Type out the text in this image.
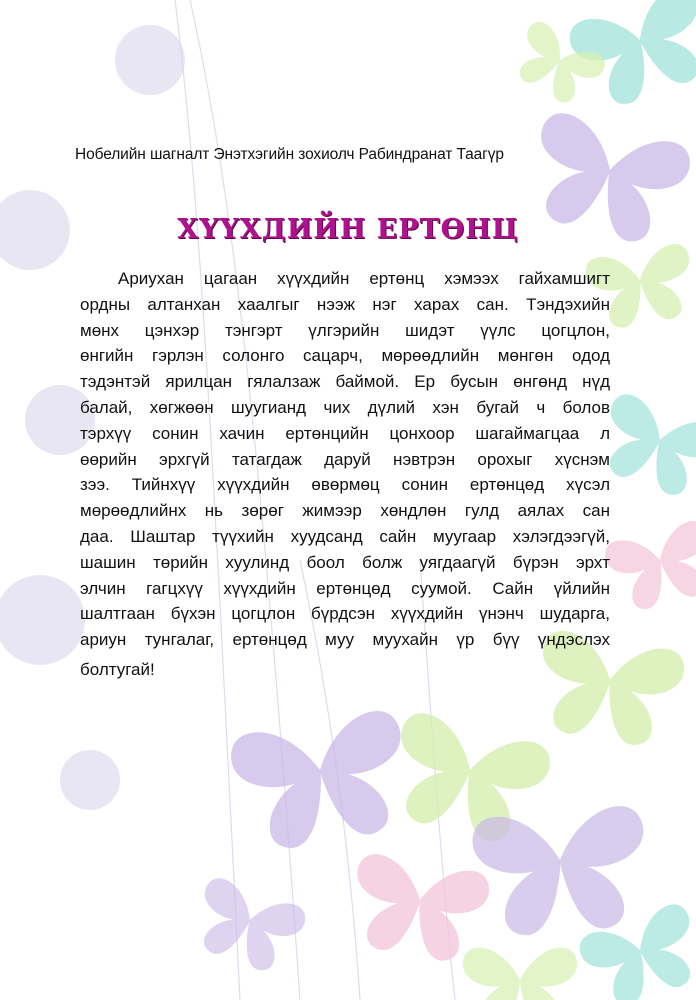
Нобелийн шагналт Энэтхэгийн зохиолч Рабиндранат Таагүр
ХҮҮХДИЙН ЕРТӨНЦ
Ариухан цагаан хүүхдийн ертөнц хэмээх гайхамшигт
ордны алтанхан хаалгыг нээж нэг харах сан. Тэндэхийн
мөнх цэнхэр тэнгэрт үлгэрийн шидэт үүлс цогцлон,
өнгийн гэрлэн солонго сацарч, мөрөөдлийн мөнгөн одод
тэдэнтэй ярилцан гялалзаж баймой. Ер бусын өнгөнд нүд
балай, хөгжөөн шуугианд чих дүлий хэн бугай ч болов
тэрхүү сонин хачин ертөнцийн цонхоор шагаймагцаа л
өөрийн эрхгүй татагдаж даруй нэвтрэн орохыг хүснэм
зээ. Тийнхүү хүүхдийн өвөрмөц сонин ертөнцөд хүсэл
мөрөөдлийнх нь зөрөг жимээр хөндлөн гулд аялах сан
даа. Шаштар түүхийн хуудсанд сайн муугаар хэлэгдээгүй,
шашин төрийн хуулинд боол болж уягдаагүй бүрэн эрхт
элчин гагцхүү хүүхдийн ертөнцөд суумой. Сайн үйлийн
шалтгаан бүхэн цогцлон бүрдсэн хүүхдийн үнэнч шударга,
ариун тунгалаг, ертөнцөд муу муухайн үр бүү үндэслэх
болтугай!
